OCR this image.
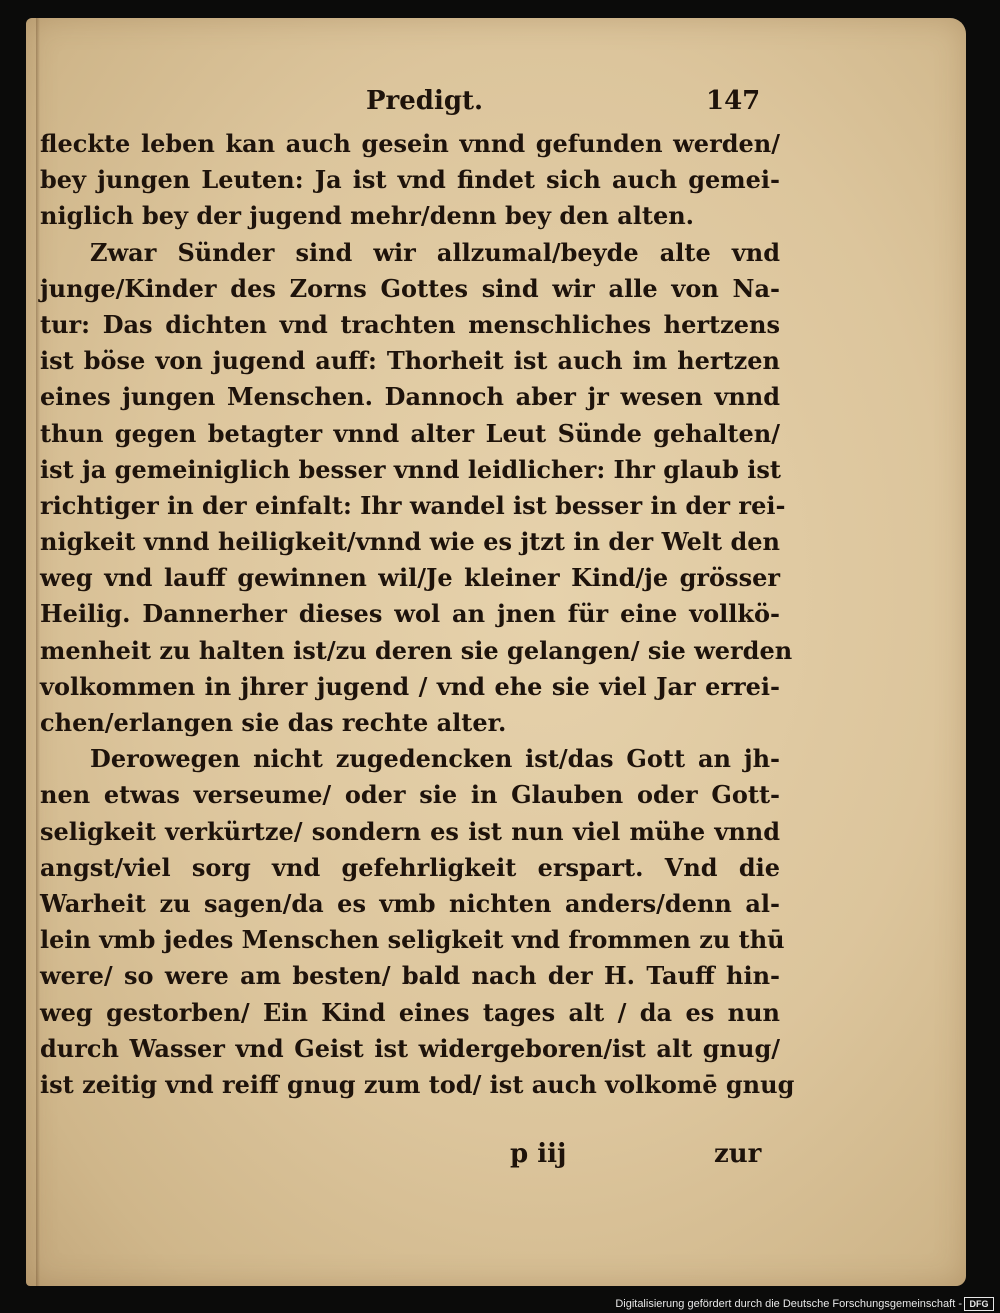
Predigt.	147
fleckte leben kan auch gesein vnnd gefunden werden/
bey jungen Leuten: Ja ist vnd findet sich auch gemei-
niglich bey der jugend mehr/denn bey den alten.
Zwar Sünder sind wir allzumal/beyde alte vnd
junge/Kinder des Zorns Gottes sind wir alle von Na-
tur: Das dichten vnd trachten menschliches hertzens
ist böse von jugend auff: Thorheit ist auch im hertzen
eines jungen Menschen. Dannoch aber jr wesen vnnd
thun gegen betagter vnnd alter Leut Sünde gehalten/
ist ja gemeiniglich besser vnnd leidlicher: Ihr glaub ist
richtiger in der einfalt: Ihr wandel ist besser in der rei-
nigkeit vnnd heiligkeit/vnnd wie es jtzt in der Welt den
weg vnd lauff gewinnen wil/Je kleiner Kind/je grösser
Heilig. Dannerher dieses wol an jnen für eine vollkö-
menheit zu halten ist/zu deren sie gelangen/ sie werden
volkommen in jhrer jugend / vnd ehe sie viel Jar errei-
chen/erlangen sie das rechte alter.
Derowegen nicht zugedencken ist/das Gott an jh-
nen etwas verseume/ oder sie in Glauben oder Gott-
seligkeit verkürtze/ sondern es ist nun viel mühe vnnd
angst/viel sorg vnd gefehrligkeit erspart. Vnd die
Warheit zu sagen/da es vmb nichten anders/denn al-
lein vmb jedes Menschen seligkeit vnd frommen zu thū
were/ so were am besten/ bald nach der H. Tauff hin-
weg gestorben/ Ein Kind eines tages alt / da es nun
durch Wasser vnd Geist ist widergeboren/ist alt gnug/
ist zeitig vnd reiff gnug zum tod/ ist auch volkomē gnug
p iij	zur
Digitalisierung gefördert durch die Deutsche Forschungsgemeinschaft - DFG
